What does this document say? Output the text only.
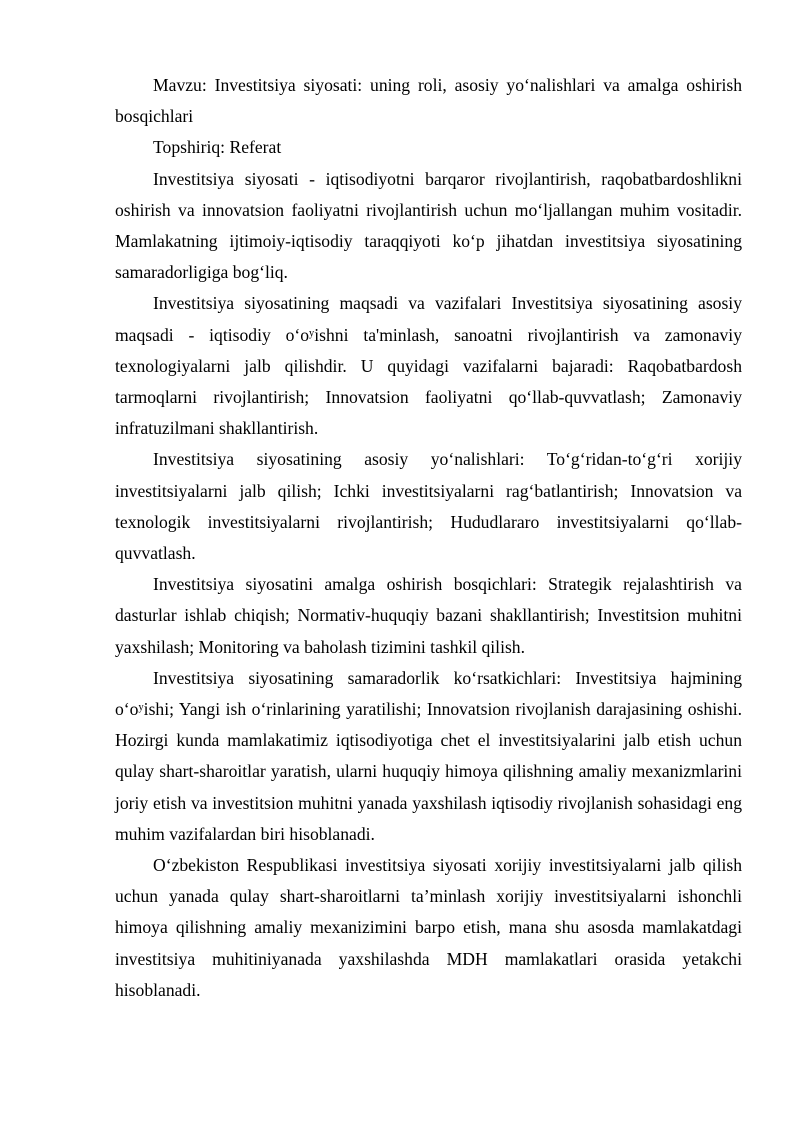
Mavzu: Investitsiya siyosati: uning roli, asosiy yo‘nalishlari va amalga oshirish bosqichlari

Topshiriq: Referat

Investitsiya siyosati - iqtisodiyotni barqaror rivojlantirish, raqobatbardoshlikni oshirish va innovatsion faoliyatni rivojlantirish uchun mo‘ljallangan muhim vositadir. Mamlakatning ijtimoiy-iqtisodiy taraqqiyoti ko‘p jihatdan investitsiya siyosatining samaradorligiga bog‘liq.

Investitsiya siyosatining maqsadi va vazifalari Investitsiya siyosatining asosiy maqsadi - iqtisodiy o‘oʸishni ta'minlash, sanoatni rivojlantirish va zamonaviy texnologiyalarni jalb qilishdir. U quyidagi vazifalarni bajaradi: Raqobatbardosh tarmoqlarni rivojlantirish; Innovatsion faoliyatni qo‘llab-quvvatlash; Zamonaviy infratuzilmani shakllantirish.

Investitsiya siyosatining asosiy yo‘nalishlari: To‘g‘ridan-to‘g‘ri xorijiy investitsiyalarni jalb qilish; Ichki investitsiyalarni rag‘batlantirish; Innovatsion va texnologik investitsiyalarni rivojlantirish; Hududlararo investitsiyalarni qo‘llab-quvvatlash.

Investitsiya siyosatini amalga oshirish bosqichlari: Strategik rejalashtirish va dasturlar ishlab chiqish; Normativ-huquqiy bazani shakllantirish; Investitsion muhitni yaxshilash; Monitoring va baholash tizimini tashkil qilish.

Investitsiya siyosatining samaradorlik ko‘rsatkichlari: Investitsiya hajmining o‘oʸishi; Yangi ish o‘rinlarining yaratilishi; Innovatsion rivojlanish darajasining oshishi. Hozirgi kunda mamlakatimiz iqtisodiyotiga chet el investitsiyalarini jalb etish uchun qulay shart-sharoitlar yaratish, ularni huquqiy himoya qilishning amaliy mexanizmlarini joriy etish va investitsion muhitni yanada yaxshilash iqtisodiy rivojlanish sohasidagi eng muhim vazifalardan biri hisoblanadi.

O‘zbekiston Respublikasi investitsiya siyosati xorijiy investitsiyalarni jalb qilish uchun yanada qulay shart-sharoitlarni ta’minlash xorijiy investitsiyalarni ishonchli himoya qilishning amaliy mexanizimini barpo etish, mana shu asosda mamlakatdagi investitsiya muhitiniyanada yaxshilashda MDH mamlakatlari orasida yetakchi hisoblanadi.
